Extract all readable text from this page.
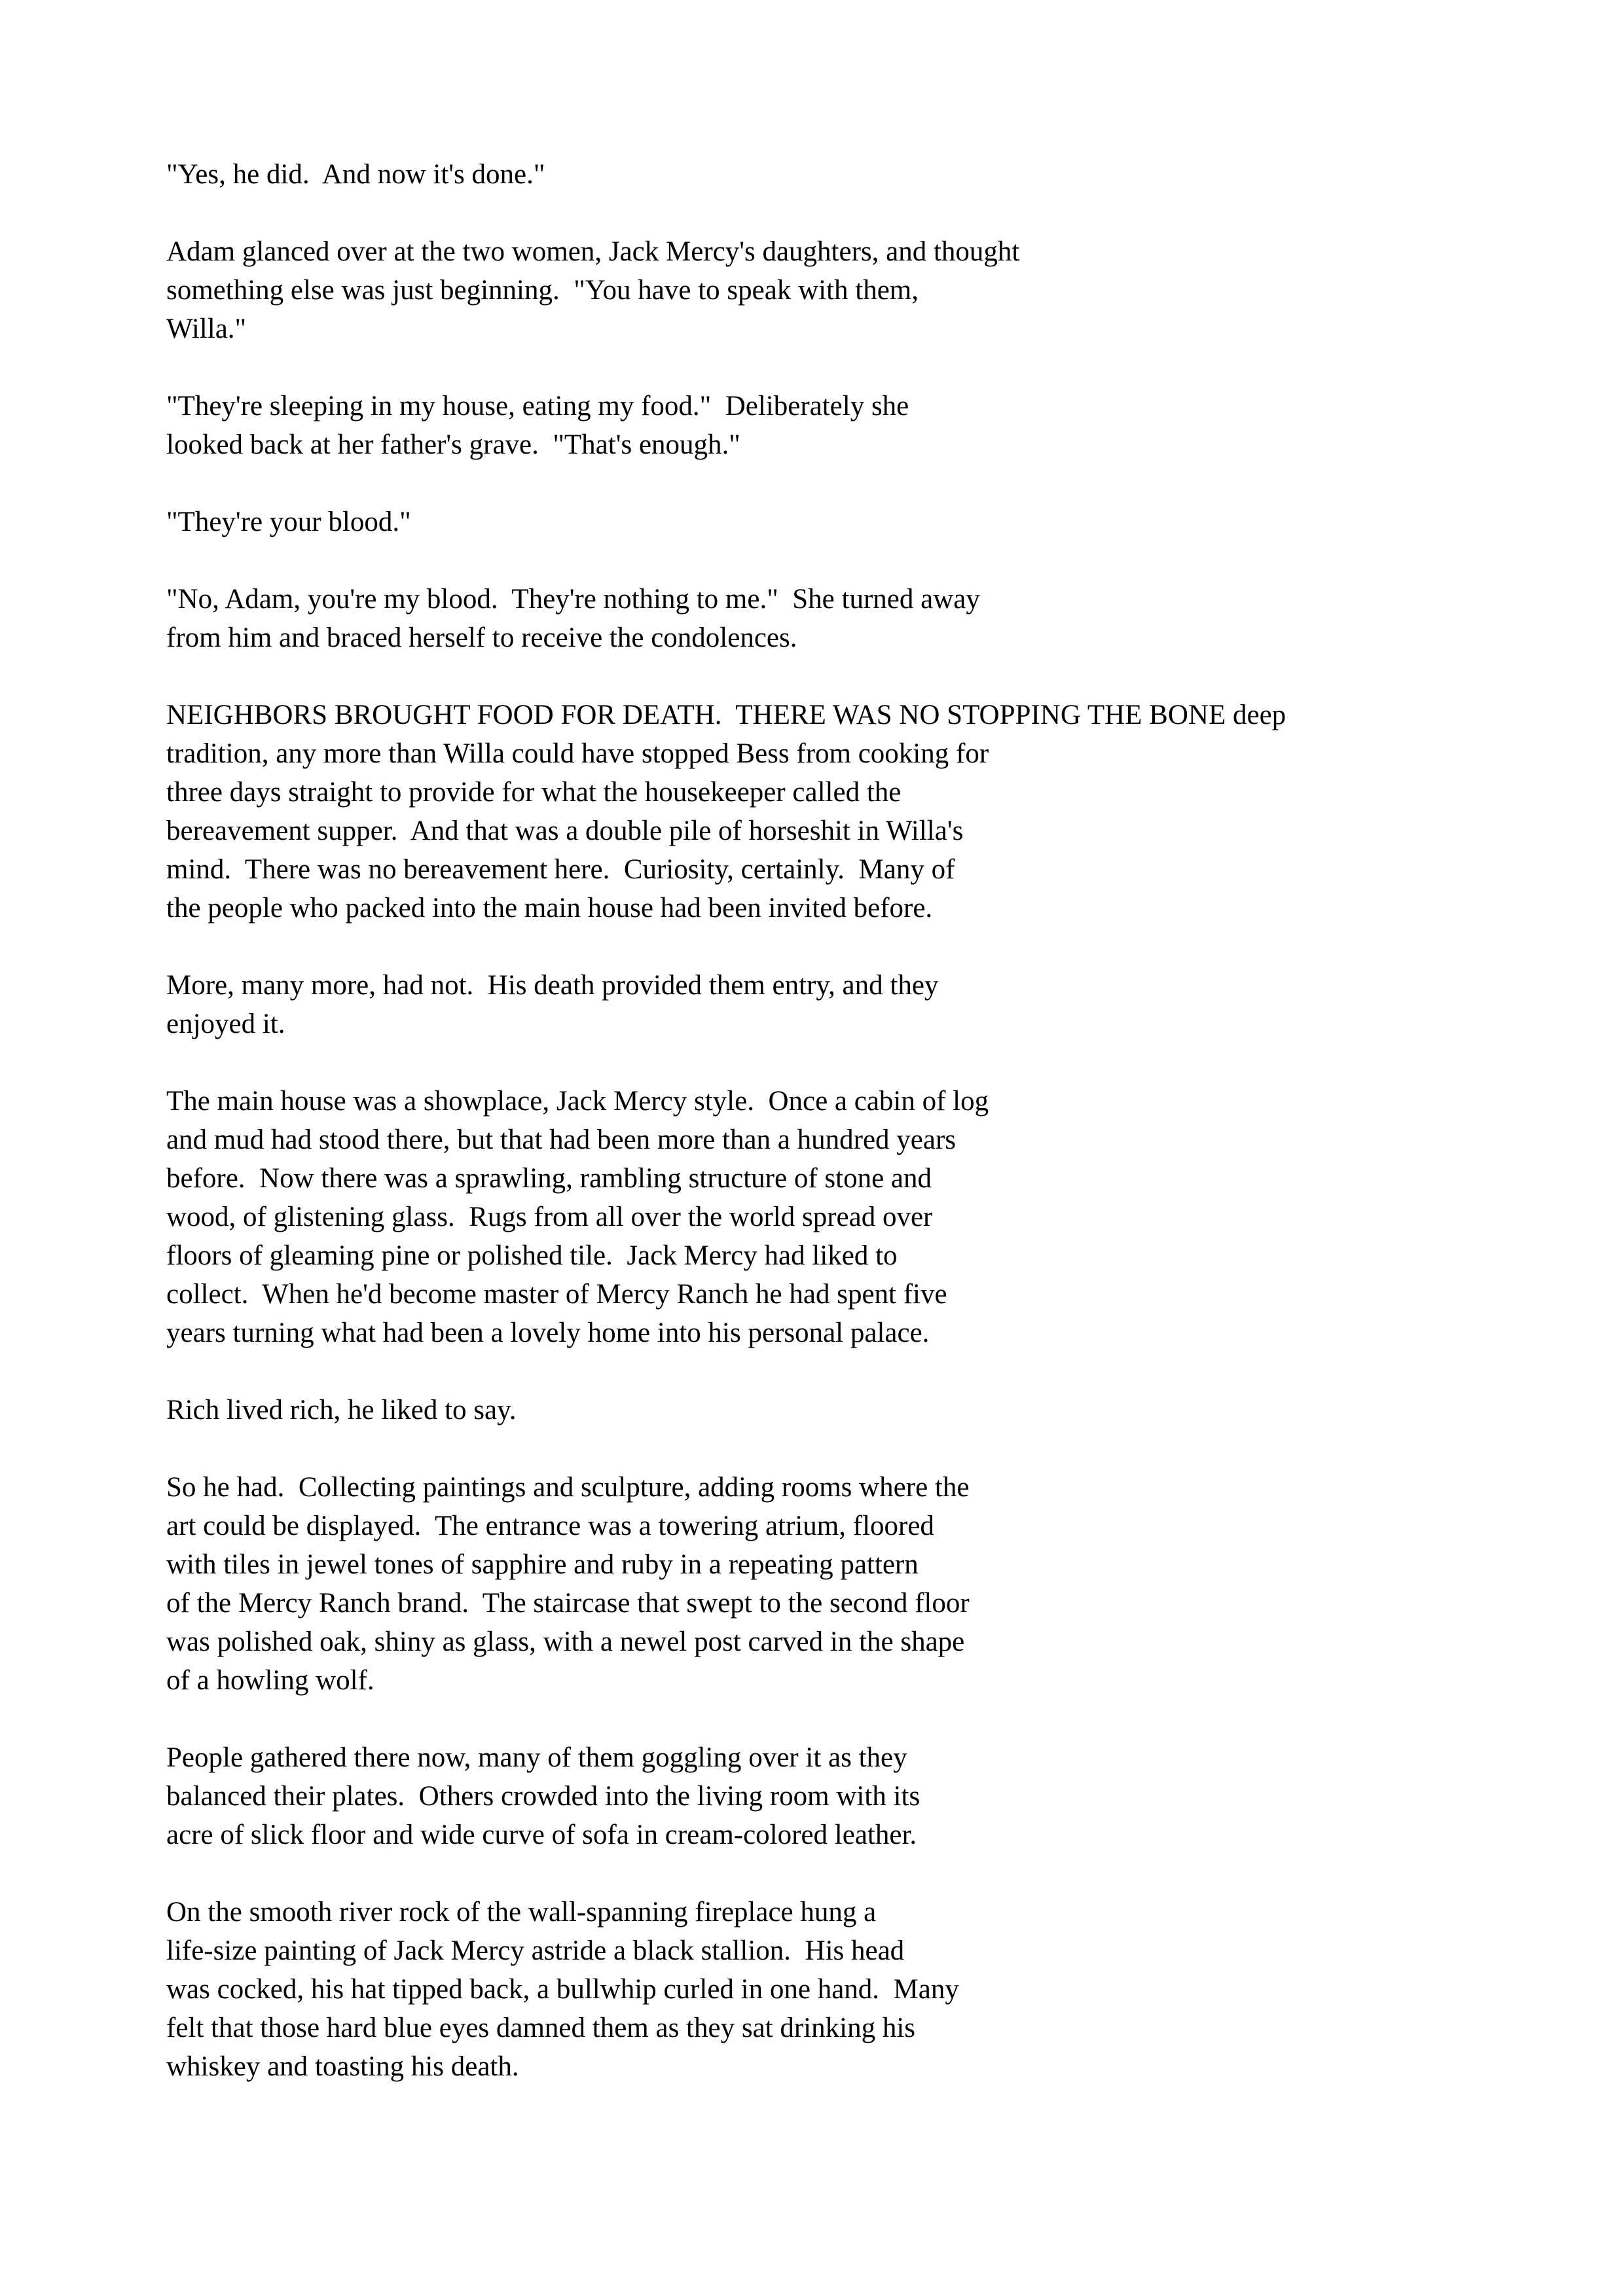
"Yes, he did.  And now it's done."
Adam glanced over at the two women, Jack Mercy's daughters, and thought
something else was just beginning.  "You have to speak with them,
Willa."
"They're sleeping in my house, eating my food."  Deliberately she
looked back at her father's grave.  "That's enough."
"They're your blood."
"No, Adam, you're my blood.  They're nothing to me."  She turned away
from him and braced herself to receive the condolences.
NEIGHBORS BROUGHT FOOD FOR DEATH.  THERE WAS NO STOPPING THE BONE deep
tradition, any more than Willa could have stopped Bess from cooking for
three days straight to provide for what the housekeeper called the
bereavement supper.  And that was a double pile of horseshit in Willa's
mind.  There was no bereavement here.  Curiosity, certainly.  Many of
the people who packed into the main house had been invited before.
More, many more, had not.  His death provided them entry, and they
enjoyed it.
The main house was a showplace, Jack Mercy style.  Once a cabin of log
and mud had stood there, but that had been more than a hundred years
before.  Now there was a sprawling, rambling structure of stone and
wood, of glistening glass.  Rugs from all over the world spread over
floors of gleaming pine or polished tile.  Jack Mercy had liked to
collect.  When he'd become master of Mercy Ranch he had spent five
years turning what had been a lovely home into his personal palace.
Rich lived rich, he liked to say.
So he had.  Collecting paintings and sculpture, adding rooms where the
art could be displayed.  The entrance was a towering atrium, floored
with tiles in jewel tones of sapphire and ruby in a repeating pattern
of the Mercy Ranch brand.  The staircase that swept to the second floor
was polished oak, shiny as glass, with a newel post carved in the shape
of a howling wolf.
People gathered there now, many of them goggling over it as they
balanced their plates.  Others crowded into the living room with its
acre of slick floor and wide curve of sofa in cream-colored leather.
On the smooth river rock of the wall-spanning fireplace hung a
life-size painting of Jack Mercy astride a black stallion.  His head
was cocked, his hat tipped back, a bullwhip curled in one hand.  Many
felt that those hard blue eyes damned them as they sat drinking his
whiskey and toasting his death.
